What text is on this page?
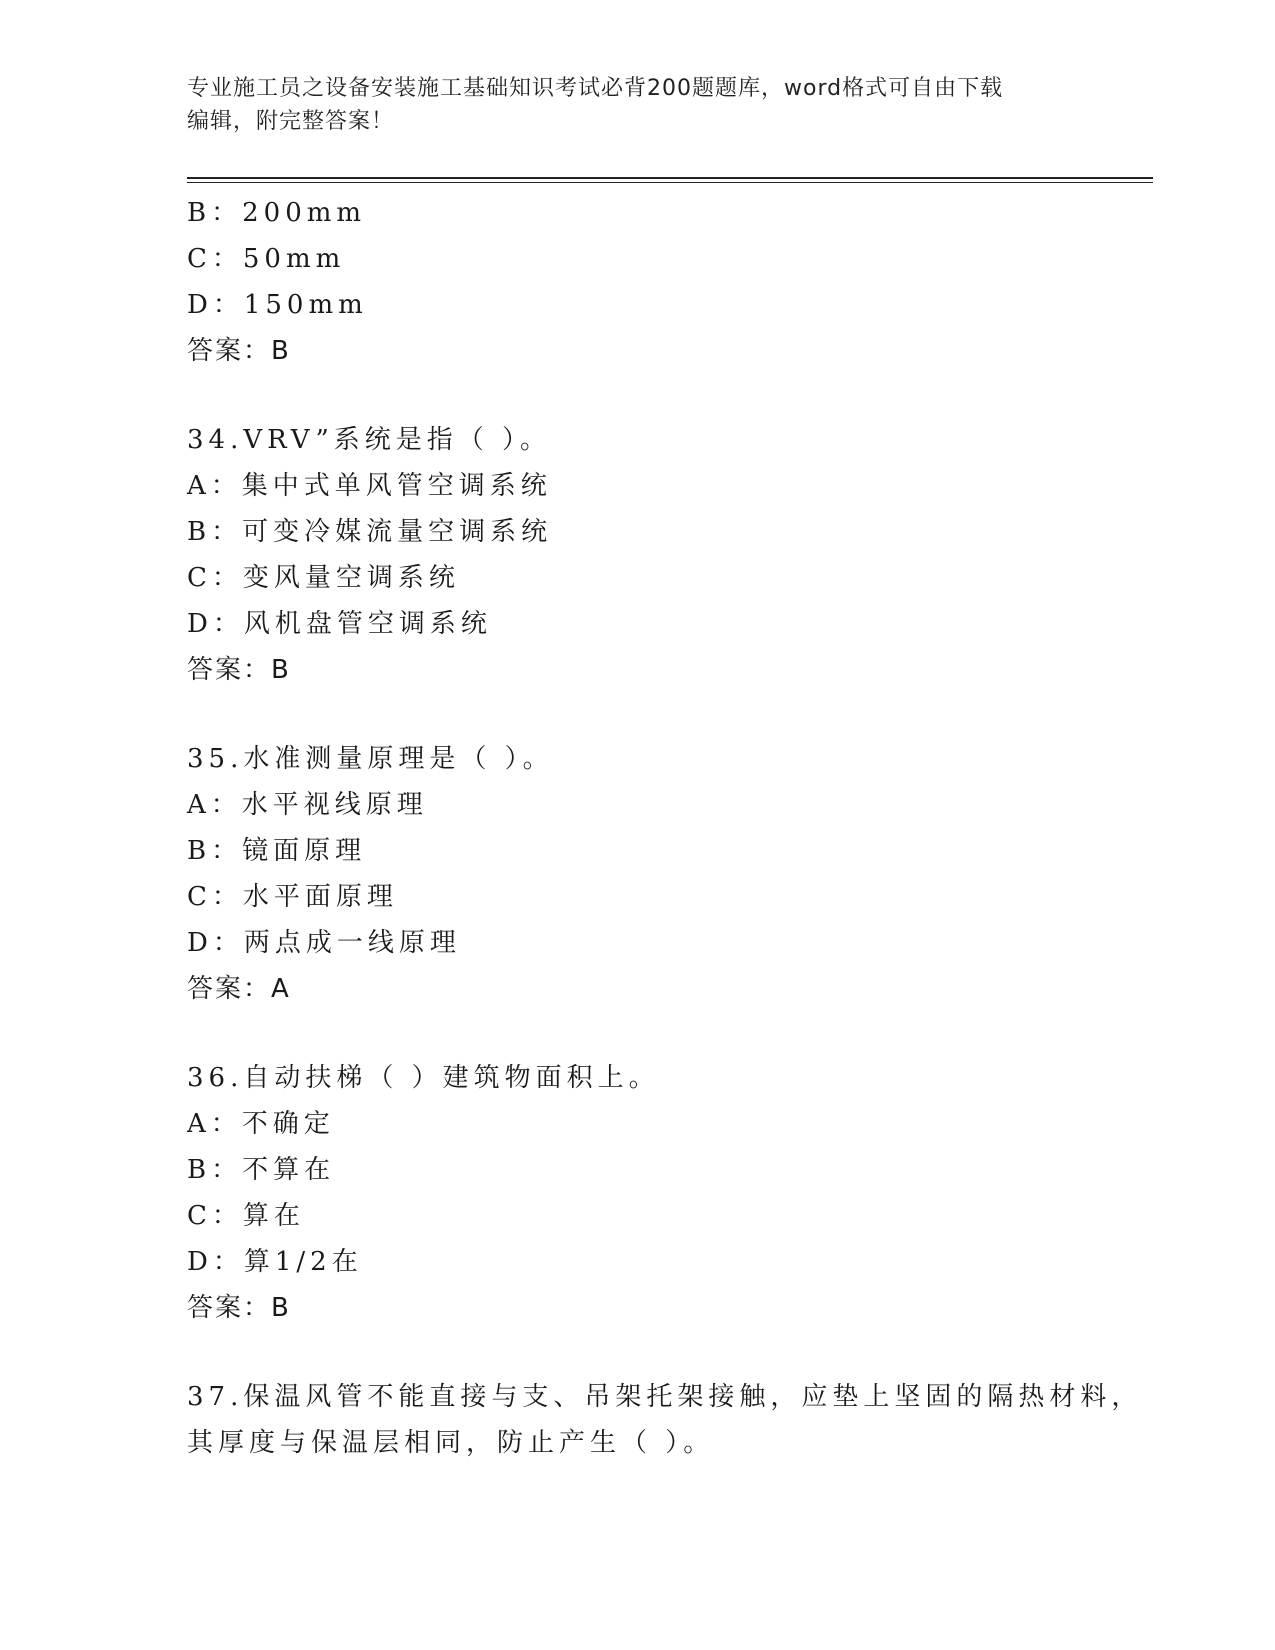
专业施工员之设备安装施工基础知识考试必背200题题库，word格式可自由下载
编辑，附完整答案！
B：200mm
C：50mm
D：150mm
答案：B
34.VRV”系统是指（ ）。
A：集中式单风管空调系统
B：可变冷媒流量空调系统
C：变风量空调系统
D：风机盘管空调系统
答案：B
35.水准测量原理是（ ）。
A：水平视线原理
B：镜面原理
C：水平面原理
D：两点成一线原理
答案：A
36.自动扶梯（ ）建筑物面积上。
A：不确定
B：不算在
C：算在
D：算1/2在
答案：B
37.保温风管不能直接与支、吊架托架接触，应垫上坚固的隔热材料，
其厚度与保温层相同，防止产生（ ）。
